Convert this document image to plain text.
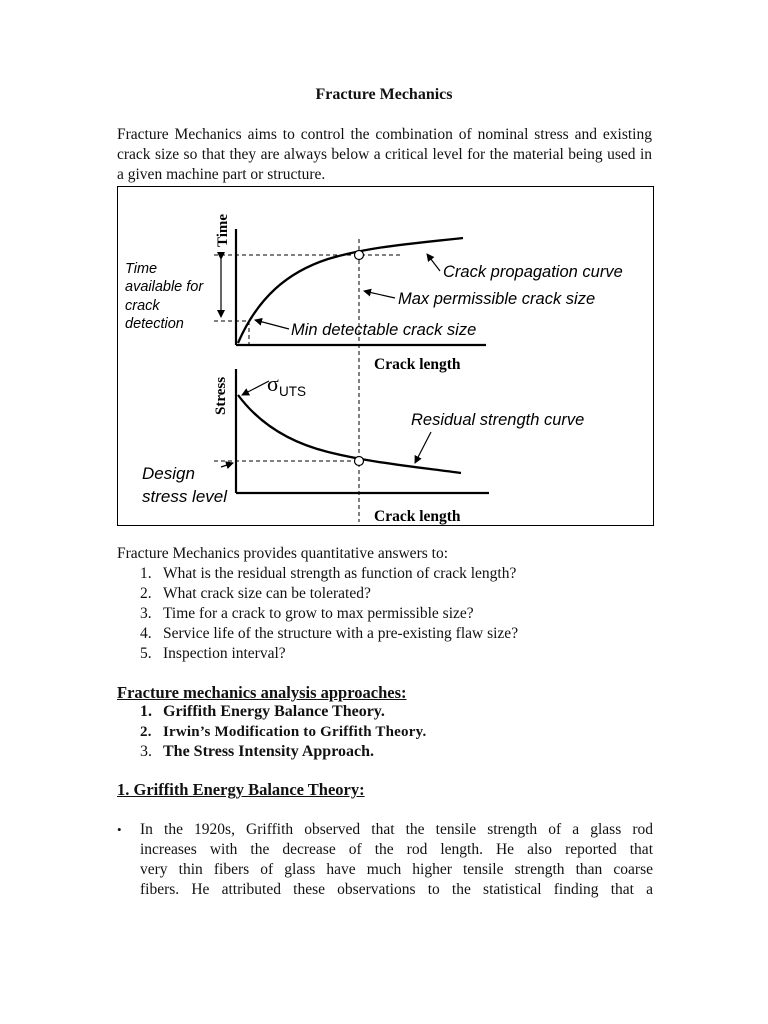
Fracture Mechanics

Fracture Mechanics aims to control the combination of nominal stress and existing crack size so that they are always below a critical level for the material being used in a given machine part or structure.

Time
Time available for crack detection
Crack propagation curve
Max permissible crack size
Min detectable crack size
Crack length
Stress σ UTS
Residual strength curve
Design stress level
Crack length

Fracture Mechanics provides quantitative answers to:

1. What is the residual strength as function of crack length?
2. What crack size can be tolerated?
3. Time for a crack to grow to max permissible size?
4. Service life of the structure with a pre-existing flaw size?
5. Inspection interval?
Fracture mechanics analysis approaches:
1. Griffith Energy Balance Theory.
2. Irwin’s Modification to Griffith Theory.
3. The Stress Intensity Approach.
1. Griffith Energy Balance Theory:
•	In the 1920s, Griffith observed that the tensile strength of a glass rod
increases with the decrease of the rod length. He also reported that
very thin fibers of glass have much higher tensile strength than coarse
fibers. He attributed these observations to the statistical finding that a
